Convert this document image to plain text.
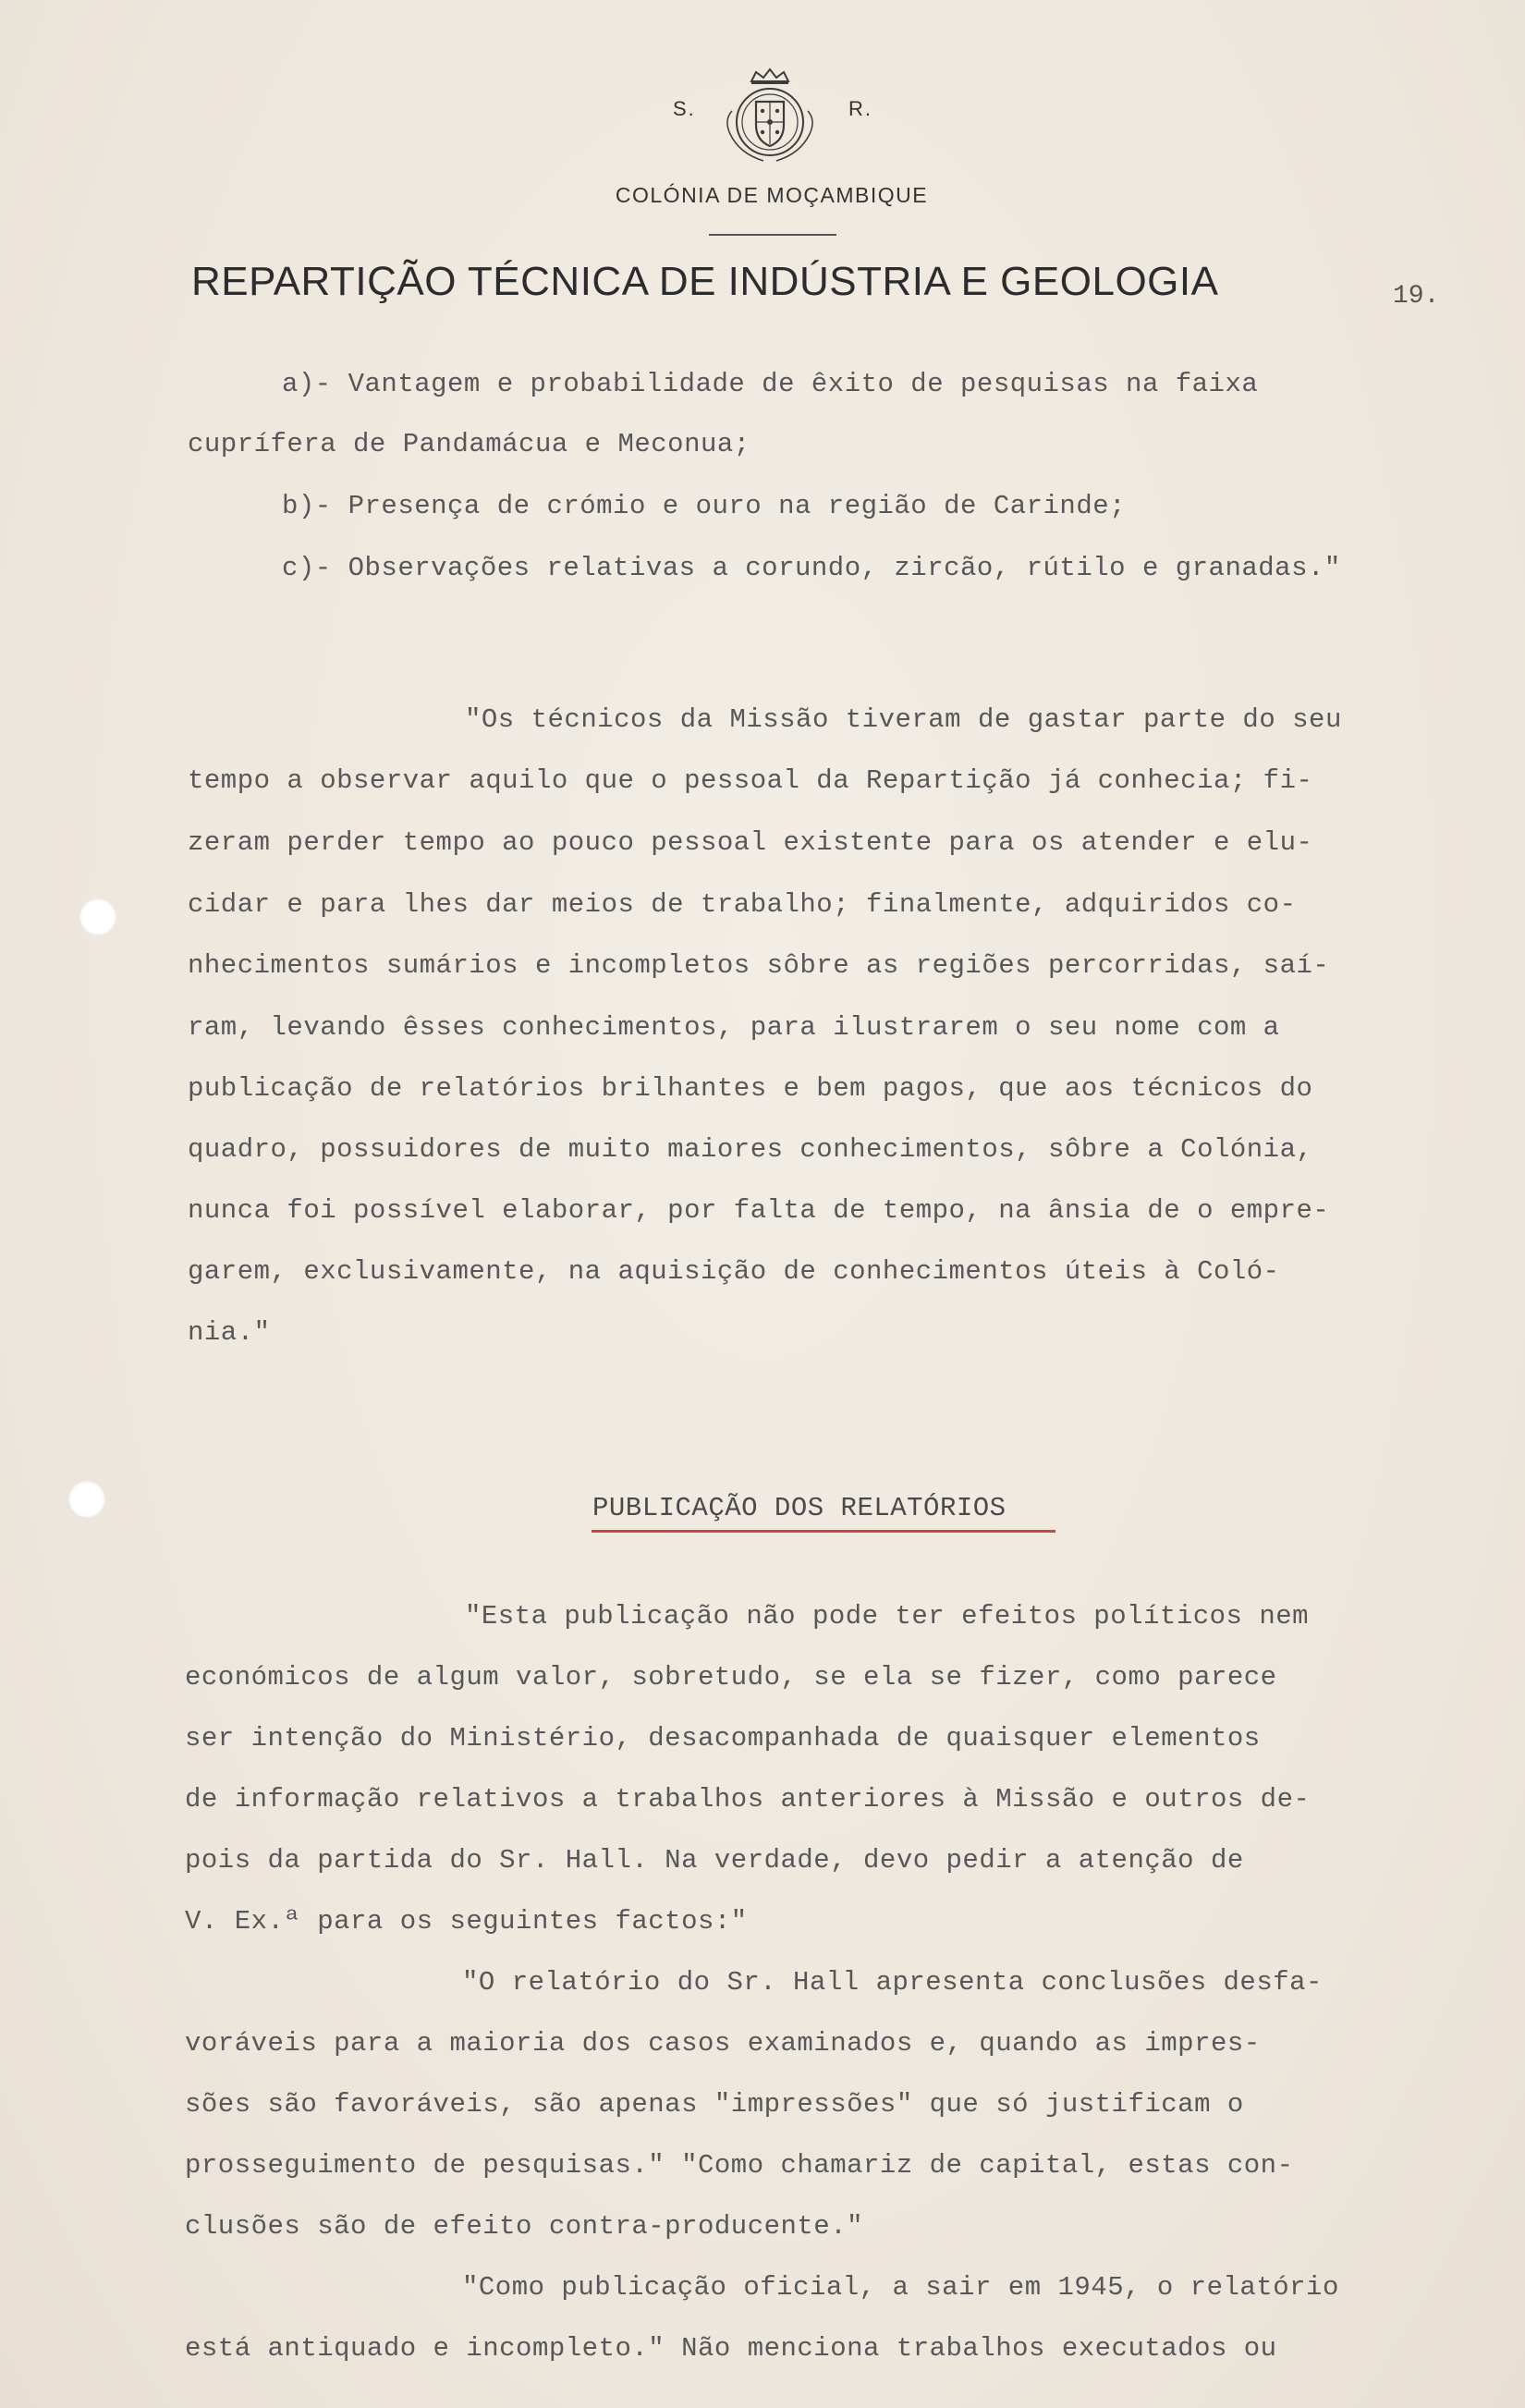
S.	R.
COLÓNIA DE MOÇAMBIQUE
REPARTIÇÃO TÉCNICA DE INDÚSTRIA E GEOLOGIA	19.
a)- Vantagem e probabilidade de êxito de pesquisas na faixa
cuprífera de Pandamácua e Meconua;
b)- Presença de crómio e ouro na região de Carinde;
c)- Observações relativas a corundo, zircão, rútilo e granadas."
"Os técnicos da Missão tiveram de gastar parte do seu
tempo a observar aquilo que o pessoal da Repartição já conhecia; fi-
zeram perder tempo ao pouco pessoal existente para os atender e elu-
cidar e para lhes dar meios de trabalho; finalmente, adquiridos co-
nhecimentos sumários e incompletos sôbre as regiões percorridas, saí-
ram, levando êsses conhecimentos, para ilustrarem o seu nome com a
publicação de relatórios brilhantes e bem pagos, que aos técnicos do
quadro, possuidores de muito maiores conhecimentos, sôbre a Colónia,
nunca foi possível elaborar, por falta de tempo, na ânsia de o empre-
garem, exclusivamente, na aquisição de conhecimentos úteis à Coló-
nia."
PUBLICAÇÃO DOS RELATÓRIOS
"Esta publicação não pode ter efeitos políticos nem
económicos de algum valor, sobretudo, se ela se fizer, como parece
ser intenção do Ministério, desacompanhada de quaisquer elementos
de informação relativos a trabalhos anteriores à Missão e outros de-
pois da partida do Sr. Hall. Na verdade, devo pedir a atenção de
V. Ex.ª para os seguintes factos:"
"O relatório do Sr. Hall apresenta conclusões desfa-
voráveis para a maioria dos casos examinados e, quando as impres-
sões são favoráveis, são apenas "impressões" que só justificam o
prosseguimento de pesquisas." "Como chamariz de capital, estas con-
clusões são de efeito contra-producente."
"Como publicação oficial, a sair em 1945, o relatório
está antiquado e incompleto." Não menciona trabalhos executados ou
